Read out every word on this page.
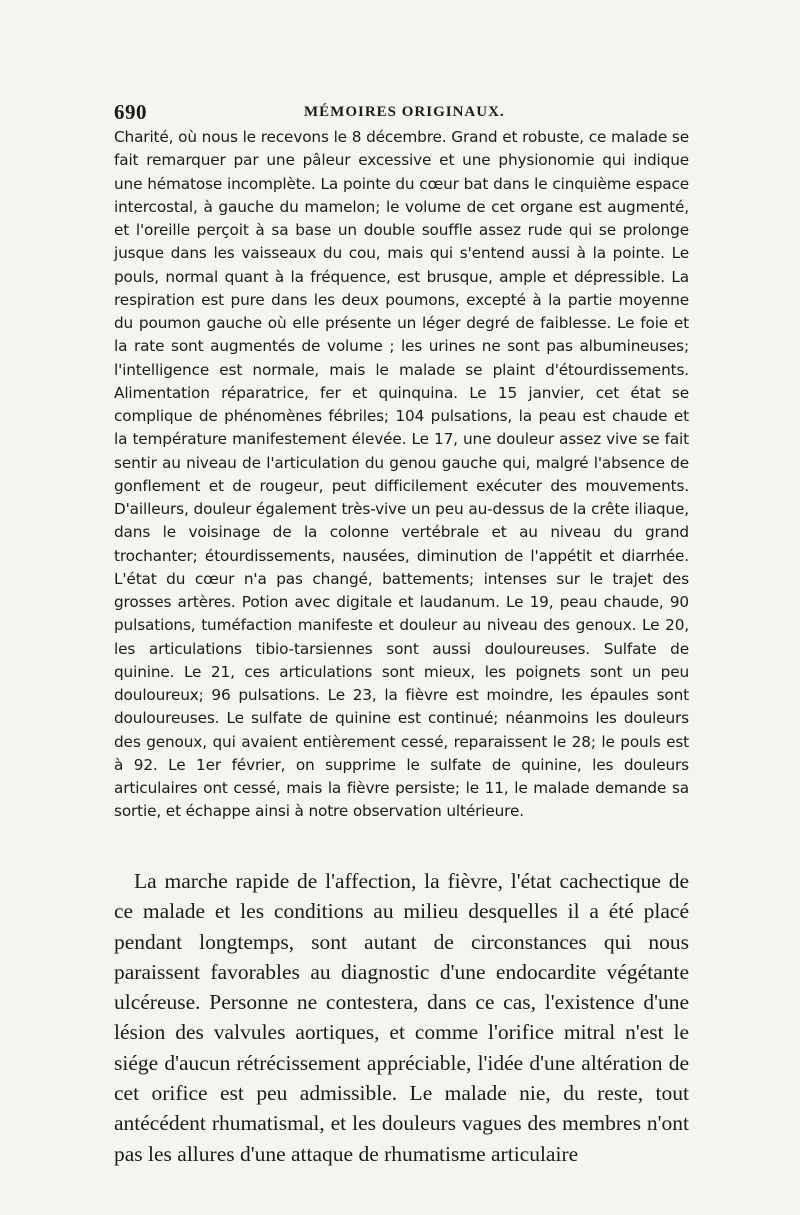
690	MÉMOIRES ORIGINAUX.

Charité, où nous le recevons le 8 décembre. Grand et robuste, ce malade se fait remarquer par une pâleur excessive et une physionomie qui indique une hématose incomplète. La pointe du cœur bat dans le cinquième espace intercostal, à gauche du mamelon; le volume de cet organe est augmenté, et l'oreille perçoit à sa base un double souffle assez rude qui se prolonge jusque dans les vaisseaux du cou, mais qui s'entend aussi à la pointe. Le pouls, normal quant à la fréquence, est brusque, ample et dépressible. La respiration est pure dans les deux poumons, excepté à la partie moyenne du poumon gauche où elle présente un léger degré de faiblesse. Le foie et la rate sont augmentés de volume ; les urines ne sont pas albumineuses; l'intelligence est normale, mais le malade se plaint d'étourdissements. Alimentation réparatrice, fer et quinquina. Le 15 janvier, cet état se complique de phénomènes fébriles; 104 pulsations, la peau est chaude et la température manifestement élevée. Le 17, une douleur assez vive se fait sentir au niveau de l'articulation du genou gauche qui, malgré l'absence de gonflement et de rougeur, peut difficilement exécuter des mouvements. D'ailleurs, douleur également très-vive un peu au-dessus de la crête iliaque, dans le voisinage de la colonne vertébrale et au niveau du grand trochanter; étourdissements, nausées, diminution de l'appétit et diarrhée. L'état du cœur n'a pas changé, battements; intenses sur le trajet des grosses artères. Potion avec digitale et laudanum. Le 19, peau chaude, 90 pulsations, tuméfaction manifeste et douleur au niveau des genoux. Le 20, les articulations tibio-tarsiennes sont aussi douloureuses. Sulfate de quinine. Le 21, ces articulations sont mieux, les poignets sont un peu douloureux; 96 pulsations. Le 23, la fièvre est moindre, les épaules sont douloureuses. Le sulfate de quinine est continué; néanmoins les douleurs des genoux, qui avaient entièrement cessé, reparaissent le 28; le pouls est à 92. Le 1er février, on supprime le sulfate de quinine, les douleurs articulaires ont cessé, mais la fièvre persiste; le 11, le malade demande sa sortie, et échappe ainsi à notre observation ultérieure.

La marche rapide de l'affection, la fièvre, l'état cachectique de ce malade et les conditions au milieu desquelles il a été placé pendant longtemps, sont autant de circonstances qui nous paraissent favorables au diagnostic d'une endocardite végétante ulcéreuse. Personne ne contestera, dans ce cas, l'existence d'une lésion des valvules aortiques, et comme l'orifice mitral n'est le siége d'aucun rétrécissement appréciable, l'idée d'une altération de cet orifice est peu admissible. Le malade nie, du reste, tout antécédent rhumatismal, et les douleurs vagues des membres n'ont pas les allures d'une attaque de rhumatisme articulaire
